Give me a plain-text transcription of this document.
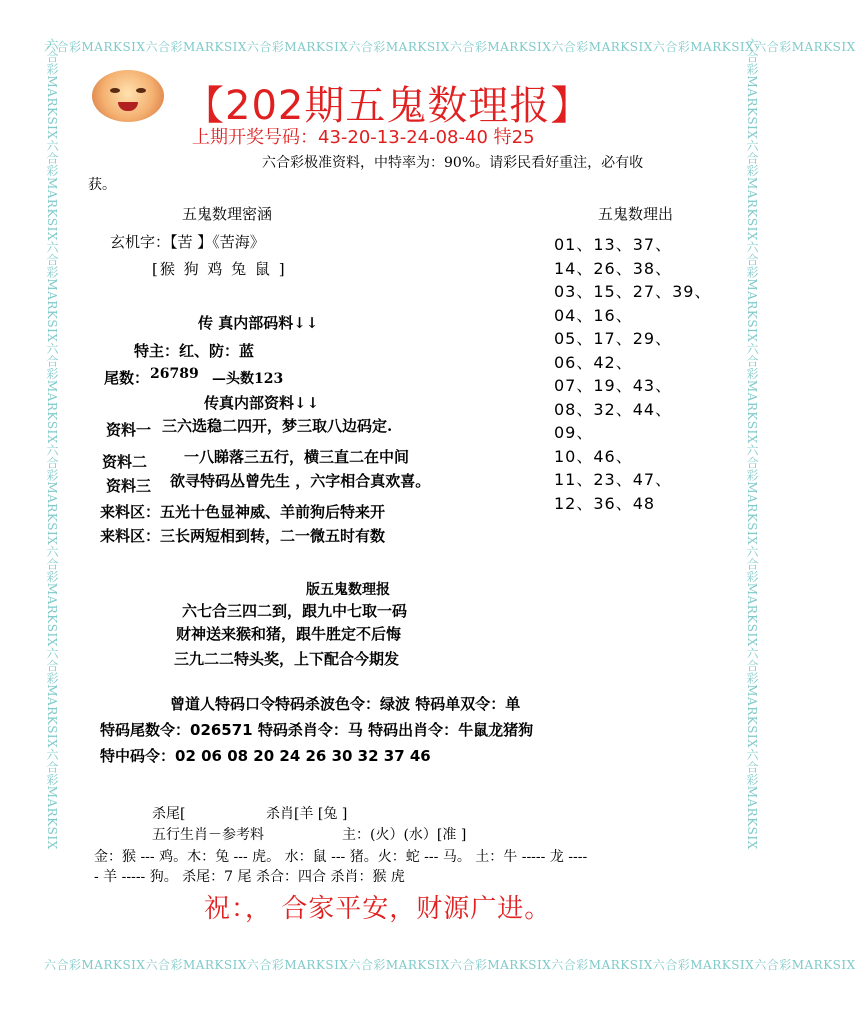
六合彩MARKSIX六合彩MARKSIX六合彩MARKSIX六合彩MARKSIX六合彩MARKSIX六合彩MARKSIX六合彩MARKSIX六合彩MARKSIX
六合彩MARKSIX六合彩MARKSIX六合彩MARKSIX六合彩MARKSIX六合彩MARKSIX六合彩MARKSIX六合彩MARKSIX六合彩MARKSIX
六合彩MARKSIX六合彩MARKSIX六合彩MARKSIX六合彩MARKSIX六合彩MARKSIX六合彩MARKSIX六合彩MARKSIX六合彩MARKSIX	六合彩MARKSIX六合彩MARKSIX六合彩MARKSIX六合彩MARKSIX六合彩MARKSIX六合彩MARKSIX六合彩MARKSIX六合彩MARKSIX
【202期五鬼数理报】
上期开奖号码：43-20-13-24-08-40 特25
六合彩极准资料，中特率为：90%。请彩民看好重注，必有收
获。
五鬼数理密涵
玄机字：【苦 】《苦海》
[猴 狗 鸡 兔 鼠 ]
传 真内部码料↓↓
特主：红、防：蓝
尾数： 26789 —头数123
传真内部资料↓↓
资料一 三六选稳二四开，梦三取八边码定.
资料二 一八睇落三五行，横三直二在中间
资料三 欲寻特码丛曾先生 ，六字相合真欢喜。
来料区：五光十色显神威、羊前狗后特来开
来料区：三长两短相到转，二一微五时有数
五鬼数理出
01、13、37、
14、26、38、
03、15、27、39、
04、16、
05、17、29、
06、42、
07、19、43、
08、32、44、
09、
10、46、
11、23、47、
12、36、48
版五鬼数理报
六七合三四二到，跟九中七取一码
财神送来猴和猪，跟牛胜定不后悔
三九二二特头奖，上下配合今期发
曾道人特码口令特码杀波色令：绿波 特码单双令：单
特码尾数令：026571 特码杀肖令：马 特码出肖令：牛鼠龙猪狗
特中码令：02 06 08 20 24 26 30 32 37 46
杀尾[	杀肖[羊 [兔 ]
五行生肖－参考料	主：(火）(水）[准 ]
金：猴 --- 鸡。木：兔 --- 虎。 水：鼠 --- 猪。火：蛇 --- 马。 土：牛 ----- 龙 ----
- 羊 ----- 狗。 杀尾：7 尾 杀合：四合 杀肖：猴 虎
祝：， 合家平安，财源广进。
